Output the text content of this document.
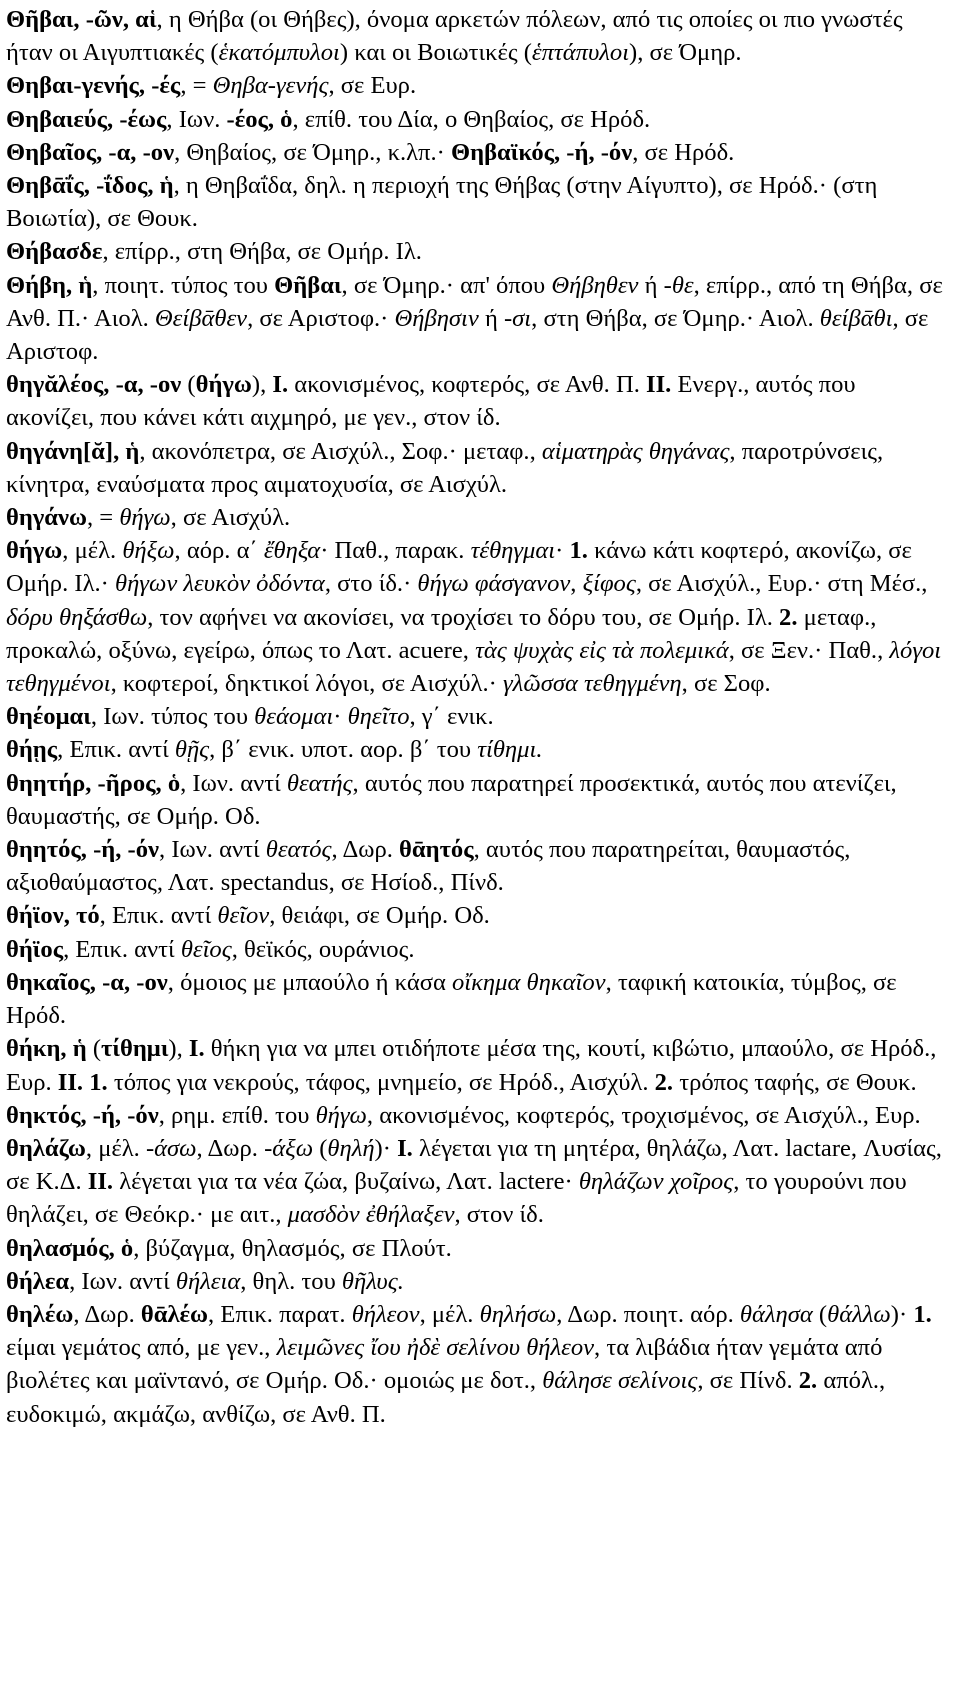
Θῆβαι, -ῶν, αἱ, η Θήβα (οι Θήβες), όνομα αρκετών πόλεων, από τις οποίες οι πιο γνωστές ήταν οι Αιγυπτιακές (ἑκατόμπυλοι) και οι Βοιωτικές (ἑπτάπυλοι), σε Όμηρ.

Θηβαι-γενής, -ές, = Θηβα-γενής, σε Ευρ.

Θηβαιεύς, -έως, Ιων. -έος, ὁ, επίθ. του Δία, ο Θηβαίος, σε Ηρόδ.

Θηβαῖος, -α, -ον, Θηβαίος, σε Όμηρ., κ.λπ.· Θηβαϊκός, -ή, -όν, σε Ηρόδ.

Θηβᾱΐς, -ΐδος, ἡ, η Θηβαΐδα, δηλ. η περιοχή της Θήβας (στην Αίγυπτο), σε Ηρόδ.· (στη Βοιωτία), σε Θουκ.

Θήβασδε, επίρρ., στη Θήβα, σε Ομήρ. Ιλ.

Θήβη, ἡ, ποιητ. τύπος του Θῆβαι, σε Όμηρ.· απ' όπου Θήβηθεν ή -θε, επίρρ., από τη Θήβα, σε Ανθ. Π.· Αιολ. Θείβᾱθεν, σε Αριστοφ.· Θήβησιν ή -σι, στη Θήβα, σε Όμηρ.· Αιολ. θείβᾱθι, σε Αριστοφ.

θηγᾰλέος, -α, -ον (θήγω), I. ακονισμένος, κοφτερός, σε Ανθ. Π. II. Ενεργ., αυτός που ακονίζει, που κάνει κάτι αιχμηρό, με γεν., στον ίδ.

θηγάνη[ᾰ], ἡ, ακονόπετρα, σε Αισχύλ., Σοφ.· μεταφ., αἱματηρὰς θηγάνας, παροτρύνσεις, κίνητρα, εναύσματα προς αιματοχυσία, σε Αισχύλ.

θηγάνω, = θήγω, σε Αισχύλ.

θήγω, μέλ. θήξω, αόρ. α΄ ἔθηξα· Παθ., παρακ. τέθηγμαι· 1. κάνω κάτι κοφτερό, ακονίζω, σε Ομήρ. Ιλ.· θήγων λευκὸν ὀδόντα, στο ίδ.· θήγω φάσγανον, ξίφος, σε Αισχύλ., Ευρ.· στη Μέσ., δόρυ θηξάσθω, τον αφήνει να ακονίσει, να τροχίσει το δόρυ του, σε Ομήρ. Ιλ. 2. μεταφ., προκαλώ, οξύνω, εγείρω, όπως το Λατ. acuere, τὰς ψυχὰς εἰς τὰ πολεμικά, σε Ξεν.· Παθ., λόγοι τεθηγμένοι, κοφτεροί, δηκτικοί λόγοι, σε Αισχύλ.· γλῶσσα τεθηγμένη, σε Σοφ.

θηέομαι, Ιων. τύπος του θεάομαι· θηεῖτο, γ΄ ενικ.

θήῃς, Επικ. αντί θῇς, β΄ ενικ. υποτ. αορ. β΄ του τίθημι.

θηητήρ, -ῆρος, ὁ, Ιων. αντί θεατής, αυτός που παρατηρεί προσεκτικά, αυτός που ατενίζει, θαυμαστής, σε Ομήρ. Οδ.

θηητός, -ή, -όν, Ιων. αντί θεατός, Δωρ. θᾱητός, αυτός που παρατηρείται, θαυμαστός, αξιοθαύμαστος, Λατ. spectandus, σε Ησίοδ., Πίνδ.

θήϊον, τό, Επικ. αντί θεῖον, θειάφι, σε Ομήρ. Οδ.

θήϊος, Επικ. αντί θεῖος, θεϊκός, ουράνιος.

θηκαῖος, -α, -ον, όμοιος με μπαούλο ή κάσα οἴκημα θηκαῖον, ταφική κατοικία, τύμβος, σε Ηρόδ.

θήκη, ἡ (τίθημι), I. θήκη για να μπει οτιδήποτε μέσα της, κουτί, κιβώτιο, μπαούλο, σε Ηρόδ., Ευρ. II. 1. τόπος για νεκρούς, τάφος, μνημείο, σε Ηρόδ., Αισχύλ. 2. τρόπος ταφής, σε Θουκ.

θηκτός, -ή, -όν, ρημ. επίθ. του θήγω, ακονισμένος, κοφτερός, τροχισμένος, σε Αισχύλ., Ευρ.

θηλάζω, μέλ. -άσω, Δωρ. -άξω (θηλή)· I. λέγεται για τη μητέρα, θηλάζω, Λατ. lactare, Λυσίας, σε Κ.Δ. II. λέγεται για τα νέα ζώα, βυζαίνω, Λατ. lactere· θηλάζων χοῖρος, το γουρούνι που θηλάζει, σε Θεόκρ.· με αιτ., μασδὸν ἐθήλαξεν, στον ίδ.

θηλασμός, ὁ, βύζαγμα, θηλασμός, σε Πλούτ.

θήλεα, Ιων. αντί θήλεια, θηλ. του θῆλυς.

θηλέω, Δωρ. θᾱλέω, Επικ. παρατ. θήλεον, μέλ. θηλήσω, Δωρ. ποιητ. αόρ. θάλησα (θάλλω)· 1. είμαι γεμάτος από, με γεν., λειμῶνες ἴου ἠδὲ σελίνου θήλεον, τα λιβάδια ήταν γεμάτα από βιολέτες και μαϊντανό, σε Ομήρ. Οδ.· ομοιώς με δοτ., θάλησε σελίνοις, σε Πίνδ. 2. απόλ., ευδοκιμώ, ακμάζω, ανθίζω, σε Ανθ. Π.
